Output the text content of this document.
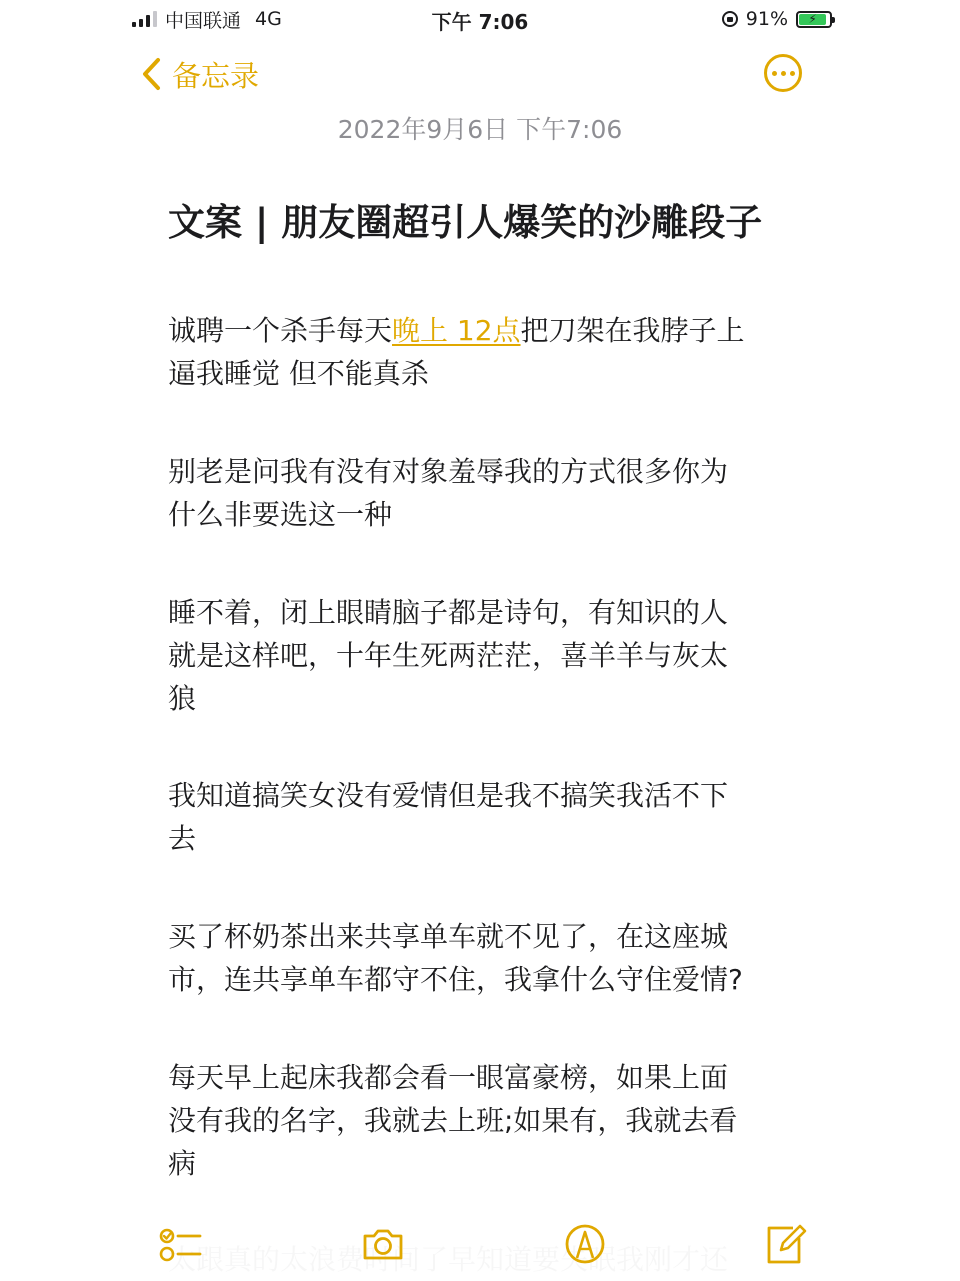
中国联通 4G	下午 7:06	91%	⚡
备忘录
2022年9月6日 下午7:06
文案 | 朋友圈超引人爆笑的沙雕段子
诚聘一个杀手每天晚上 12点把刀架在我脖子上
逼我睡觉 但不能真杀
别老是问我有没有对象羞辱我的方式很多你为
什么非要选这一种
睡不着，闭上眼睛脑子都是诗句，有知识的人
就是这样吧，十年生死两茫茫，喜羊羊与灰太
狼
我知道搞笑女没有爱情但是我不搞笑我活不下
去
买了杯奶茶出来共享单车就不见了，在这座城
市，连共享单车都守不住，我拿什么守住爱情?
每天早上起床我都会看一眼富豪榜，如果上面
没有我的名字，我就去上班;如果有，我就去看
病
